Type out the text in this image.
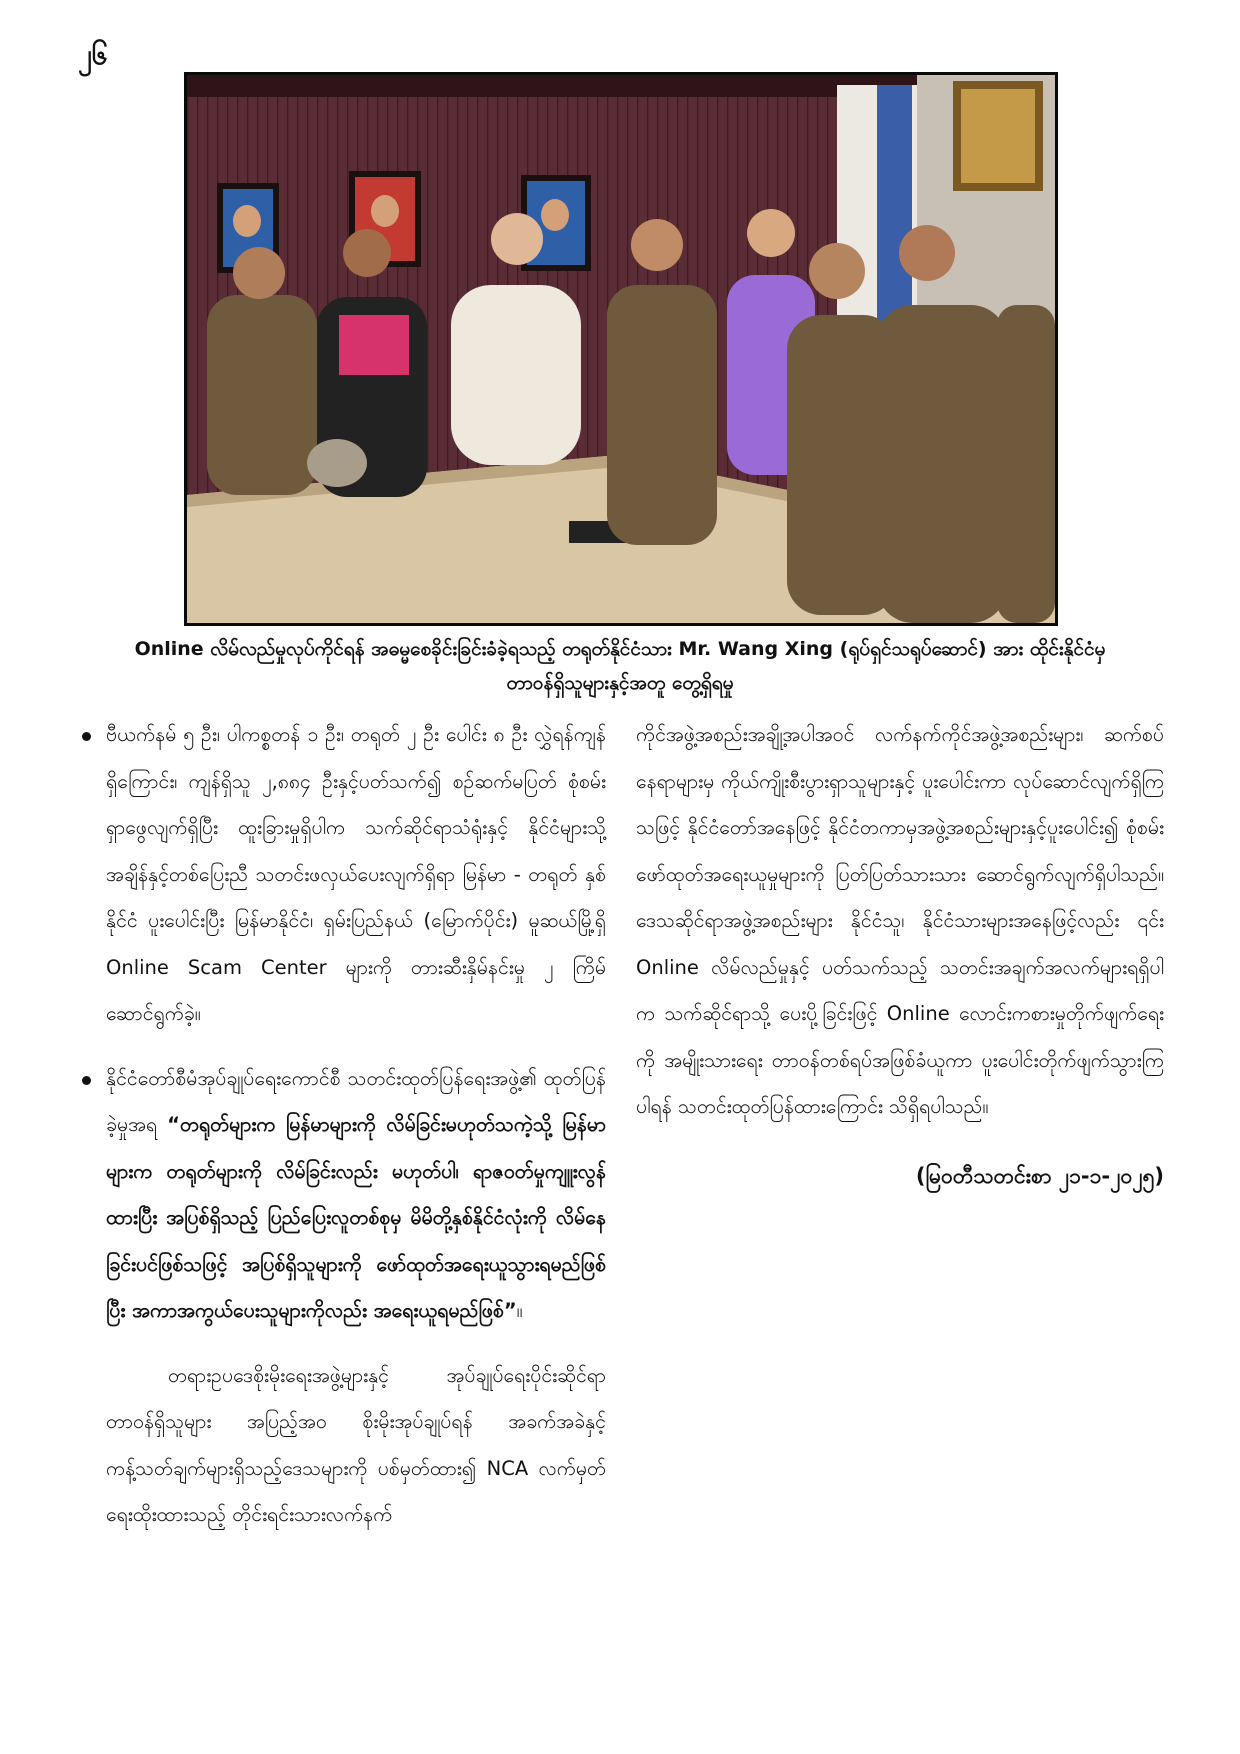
၂၆
Online လိမ်လည်မှုလုပ်ကိုင်ရန် အဓမ္မစေခိုင်းခြင်းခံခဲ့ရသည့် တရုတ်နိုင်ငံသား Mr. Wang Xing (ရုပ်ရှင်သရုပ်ဆောင်) အား ထိုင်းနိုင်ငံမှ
တာဝန်ရှိသူများနှင့်အတူ တွေ့ရှိရမှု
ဗီယက်နမ် ၅ ဦး၊ ပါကစ္စတန် ၁ ဦး၊ တရုတ် ၂ ဦး ပေါင်း ၈ ဦး လွှဲရန်ကျန်ရှိကြောင်း၊ ကျန်ရှိသူ ၂,၈၈၄ ဦးနှင့်ပတ်သက်၍ စဉ်ဆက်မပြတ် စုံစမ်းရှာဖွေလျက်ရှိပြီး ထူးခြားမှုရှိပါက သက်ဆိုင်ရာသံရုံးနှင့် နိုင်ငံများသို့ အချိန်နှင့်တစ်ပြေးညီ သတင်းဖလှယ်ပေးလျက်ရှိရာ မြန်မာ - တရုတ် နှစ်နိုင်ငံ ပူးပေါင်းပြီး မြန်မာနိုင်ငံ၊ ရှမ်းပြည်နယ် (မြောက်ပိုင်း) မူဆယ်မြို့ရှိ Online Scam Center များကို တားဆီးနှိမ်နင်းမှု ၂ ကြိမ် ဆောင်ရွက်ခဲ့။
နိုင်ငံတော်စီမံအုပ်ချုပ်ရေးကောင်စီ သတင်းထုတ်ပြန်ရေးအဖွဲ့၏ ထုတ်ပြန်ခဲ့မှုအရ “တရုတ်များက မြန်မာများကို လိမ်ခြင်းမဟုတ်သကဲ့သို့ မြန်မာများက တရုတ်များကို လိမ်ခြင်းလည်း မဟုတ်ပါ၊ ရာဇဝတ်မှုကျူးလွန်ထားပြီး အပြစ်ရှိသည့် ပြည်ပြေးလူတစ်စုမှ မိမိတို့နှစ်နိုင်ငံလုံးကို လိမ်နေခြင်းပင်ဖြစ်သဖြင့် အပြစ်ရှိသူများကို ဖော်ထုတ်အရေးယူသွားရမည်ဖြစ်ပြီး အကာအကွယ်ပေးသူများကိုလည်း အရေးယူရမည်ဖြစ်”။

တရားဥပဒေစိုးမိုးရေးအဖွဲ့များနှင့် အုပ်ချုပ်ရေးပိုင်းဆိုင်ရာ တာဝန်ရှိသူများ အပြည့်အဝ စိုးမိုးအုပ်ချုပ်ရန် အခက်အခဲနှင့် ကန့်သတ်ချက်များရှိသည့်ဒေသများကို ပစ်မှတ်ထား၍ NCA လက်မှတ်ရေးထိုးထားသည့် တိုင်းရင်းသားလက်နက်

ကိုင်အဖွဲ့အစည်းအချို့အပါအဝင် လက်နက်ကိုင်အဖွဲ့အစည်းများ၊ ဆက်စပ်နေရာများမှ ကိုယ်ကျိုးစီးပွားရှာသူများနှင့် ပူးပေါင်းကာ လုပ်ဆောင်လျက်ရှိကြသဖြင့် နိုင်ငံတော်အနေဖြင့် နိုင်ငံတကာမှအဖွဲ့အစည်းများနှင့်ပူးပေါင်း၍ စုံစမ်းဖော်ထုတ်အရေးယူမှုများကို ပြတ်ပြတ်သားသား ဆောင်ရွက်လျက်ရှိပါသည်။ ဒေသဆိုင်ရာအဖွဲ့အစည်းများ နိုင်ငံသူ၊ နိုင်ငံသားများအနေဖြင့်လည်း ၎င်း Online လိမ်လည်မှုနှင့် ပတ်သက်သည့် သတင်းအချက်အလက်များရရှိပါက သက်ဆိုင်ရာသို့ ပေးပို့ခြင်းဖြင့် Online လောင်းကစားမှုတိုက်ဖျက်ရေးကို အမျိုးသားရေး တာဝန်တစ်ရပ်အဖြစ်ခံယူကာ ပူးပေါင်းတိုက်ဖျက်သွားကြပါရန် သတင်းထုတ်ပြန်ထားကြောင်း သိရှိရပါသည်။

(မြဝတီသတင်းစာ ၂၁-၁-၂၀၂၅)
